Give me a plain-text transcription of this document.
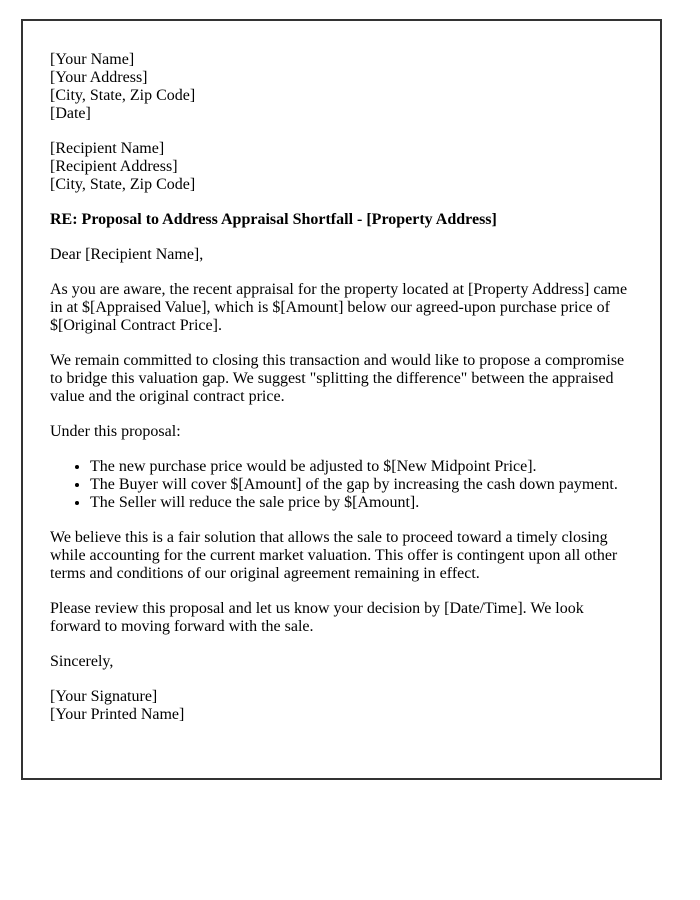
[Your Name]
[Your Address]
[City, State, Zip Code]
[Date]
[Recipient Name]
[Recipient Address]
[City, State, Zip Code]
RE: Proposal to Address Appraisal Shortfall - [Property Address]
Dear [Recipient Name],
As you are aware, the recent appraisal for the property located at [Property Address] came in at $[Appraised Value], which is $[Amount] below our agreed-upon purchase price of $[Original Contract Price].
We remain committed to closing this transaction and would like to propose a compromise to bridge this valuation gap. We suggest "splitting the difference" between the appraised value and the original contract price.
Under this proposal:
• The new purchase price would be adjusted to $[New Midpoint Price].
• The Buyer will cover $[Amount] of the gap by increasing the cash down payment.
• The Seller will reduce the sale price by $[Amount].
We believe this is a fair solution that allows the sale to proceed toward a timely closing while accounting for the current market valuation. This offer is contingent upon all other terms and conditions of our original agreement remaining in effect.
Please review this proposal and let us know your decision by [Date/Time]. We look forward to moving forward with the sale.
Sincerely,
[Your Signature]
[Your Printed Name]
